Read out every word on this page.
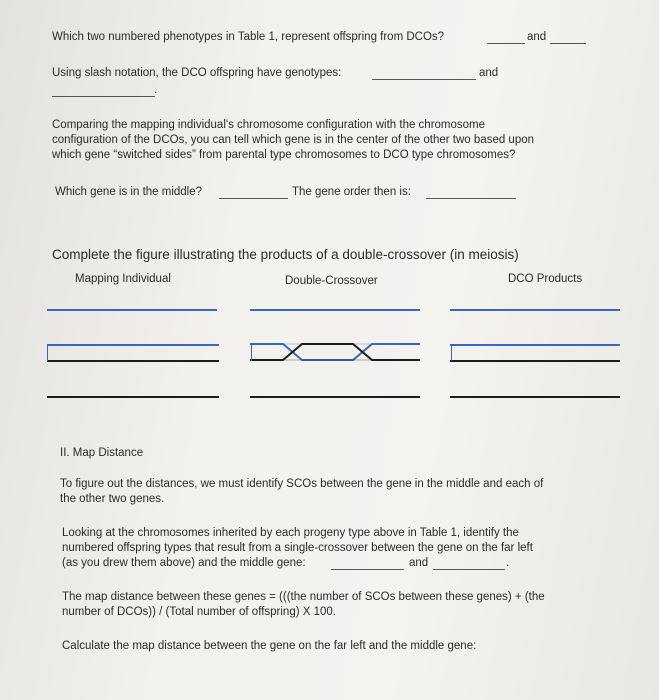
Which two numbered phenotypes in Table 1, represent offspring from DCOs?	and
Using slash notation, the DCO offspring have genotypes:	and
.
Comparing the mapping individual's chromosome configuration with the chromosome
configuration of the DCOs, you can tell which gene is in the center of the other two based upon
which gene “switched sides” from parental type chromosomes to DCO type chromosomes?
Which gene is in the middle?	The gene order then is:
Complete the figure illustrating the products of a double-crossover (in meiosis)
Mapping Individual	Double-Crossover	DCO Products
II. Map Distance
To figure out the distances, we must identify SCOs between the gene in the middle and each of
the other two genes.
Looking at the chromosomes inherited by each progeny type above in Table 1, identify the
numbered offspring types that result from a single-crossover between the gene on the far left
(as you drew them above) and the middle gene:	and	.
The map distance between these genes = (((the number of SCOs between these genes) + (the
number of DCOs)) / (Total number of offspring) X 100.
Calculate the map distance between the gene on the far left and the middle gene:
